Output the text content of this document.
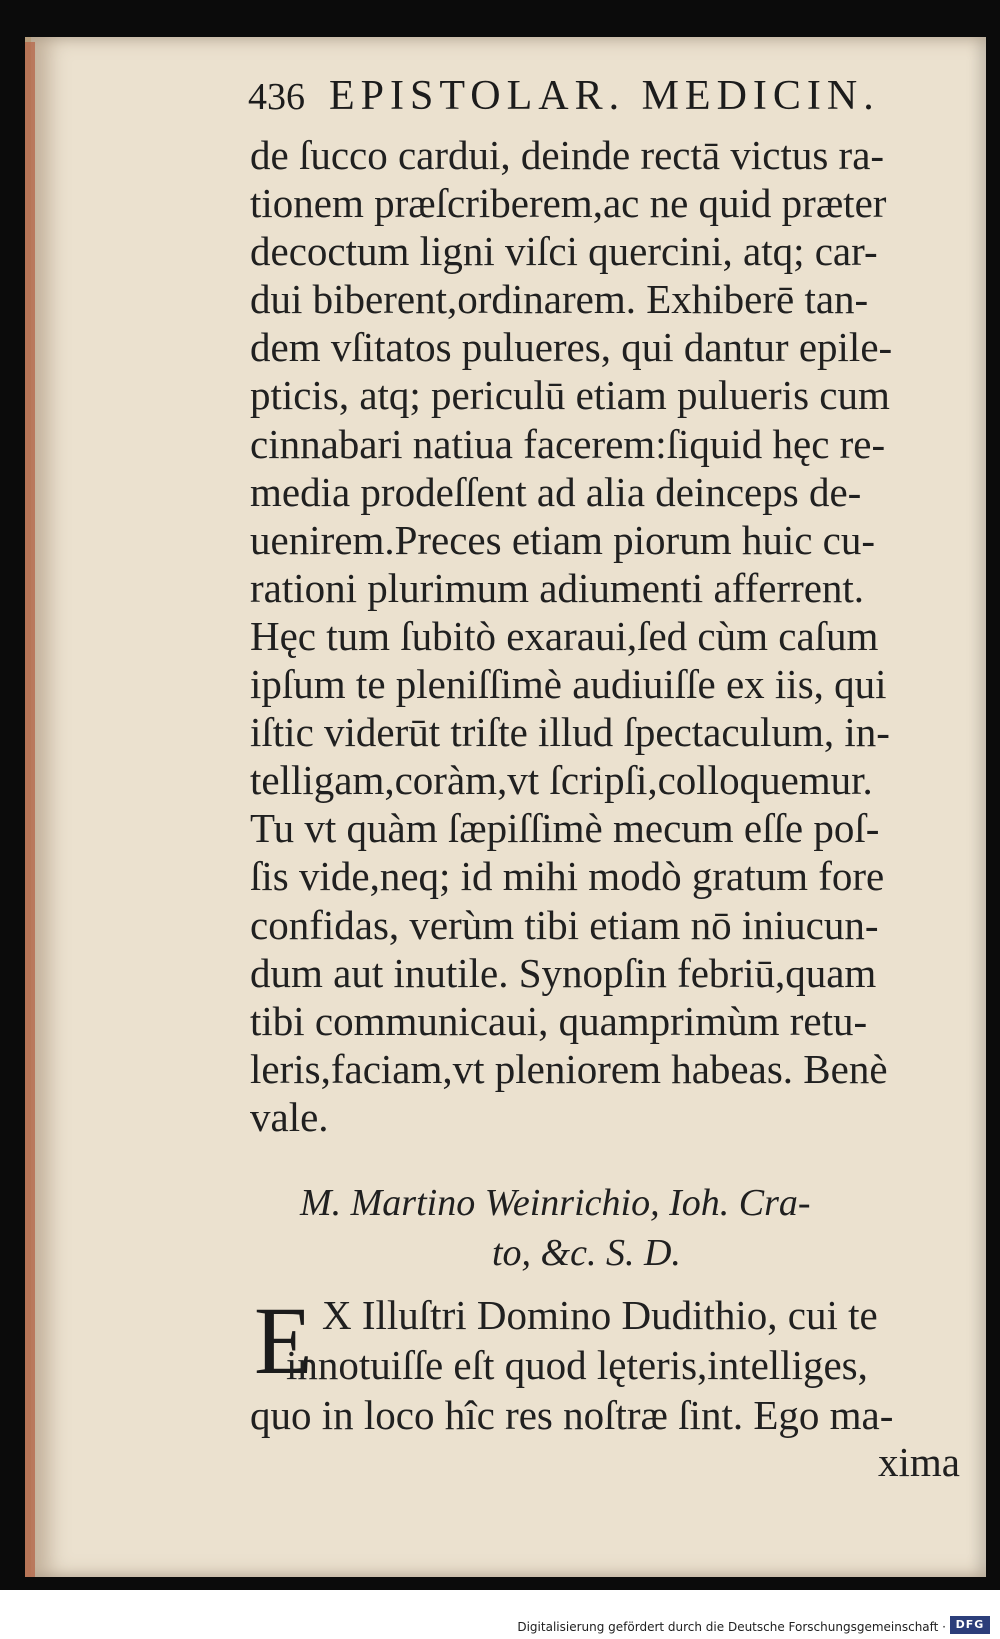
436 EPISTOLAR. MEDICIN.
de ſucco cardui, deinde rectā victus ra-
tionem præſcriberem,ac ne quid præter
decoctum ligni viſci quercini, atq; car-
dui biberent,ordinarem. Exhiberē tan-
dem vſitatos pulueres, qui dantur epile-
pticis, atq; periculū etiam pulueris cum
cinnabari natiua facerem:ſiquid hęc re-
media prodeſſent ad alia deinceps de-
uenirem.Preces etiam piorum huic cu-
rationi plurimum adiumenti afferrent.
Hęc tum ſubitò exaraui,ſed cùm caſum
ipſum te pleniſſimè audiuiſſe ex iis, qui
iſtic viderūt triſte illud ſpectaculum, in-
telligam,coràm,vt ſcripſi,colloquemur.
Tu vt quàm ſæpiſſimè mecum eſſe poſ-
ſis vide,neq; id mihi modò gratum fore
confidas, verùm tibi etiam nō iniucun-
dum aut inutile. Synopſin febriū,quam
tibi communicaui, quamprimùm retu-
leris,faciam,vt pleniorem habeas. Benè
vale.
M. Martino Weinrichio, Ioh. Cra-
to, &c. S. D.
E X Illuſtri Domino Dudithio, cui te
innotuiſſe eſt quod lęteris,intelliges,
quo in loco hîc res noſtræ ſint. Ego ma-
xima
Digitalisierung gefördert durch die Deutsche Forschungsgemeinschaft · DFG
